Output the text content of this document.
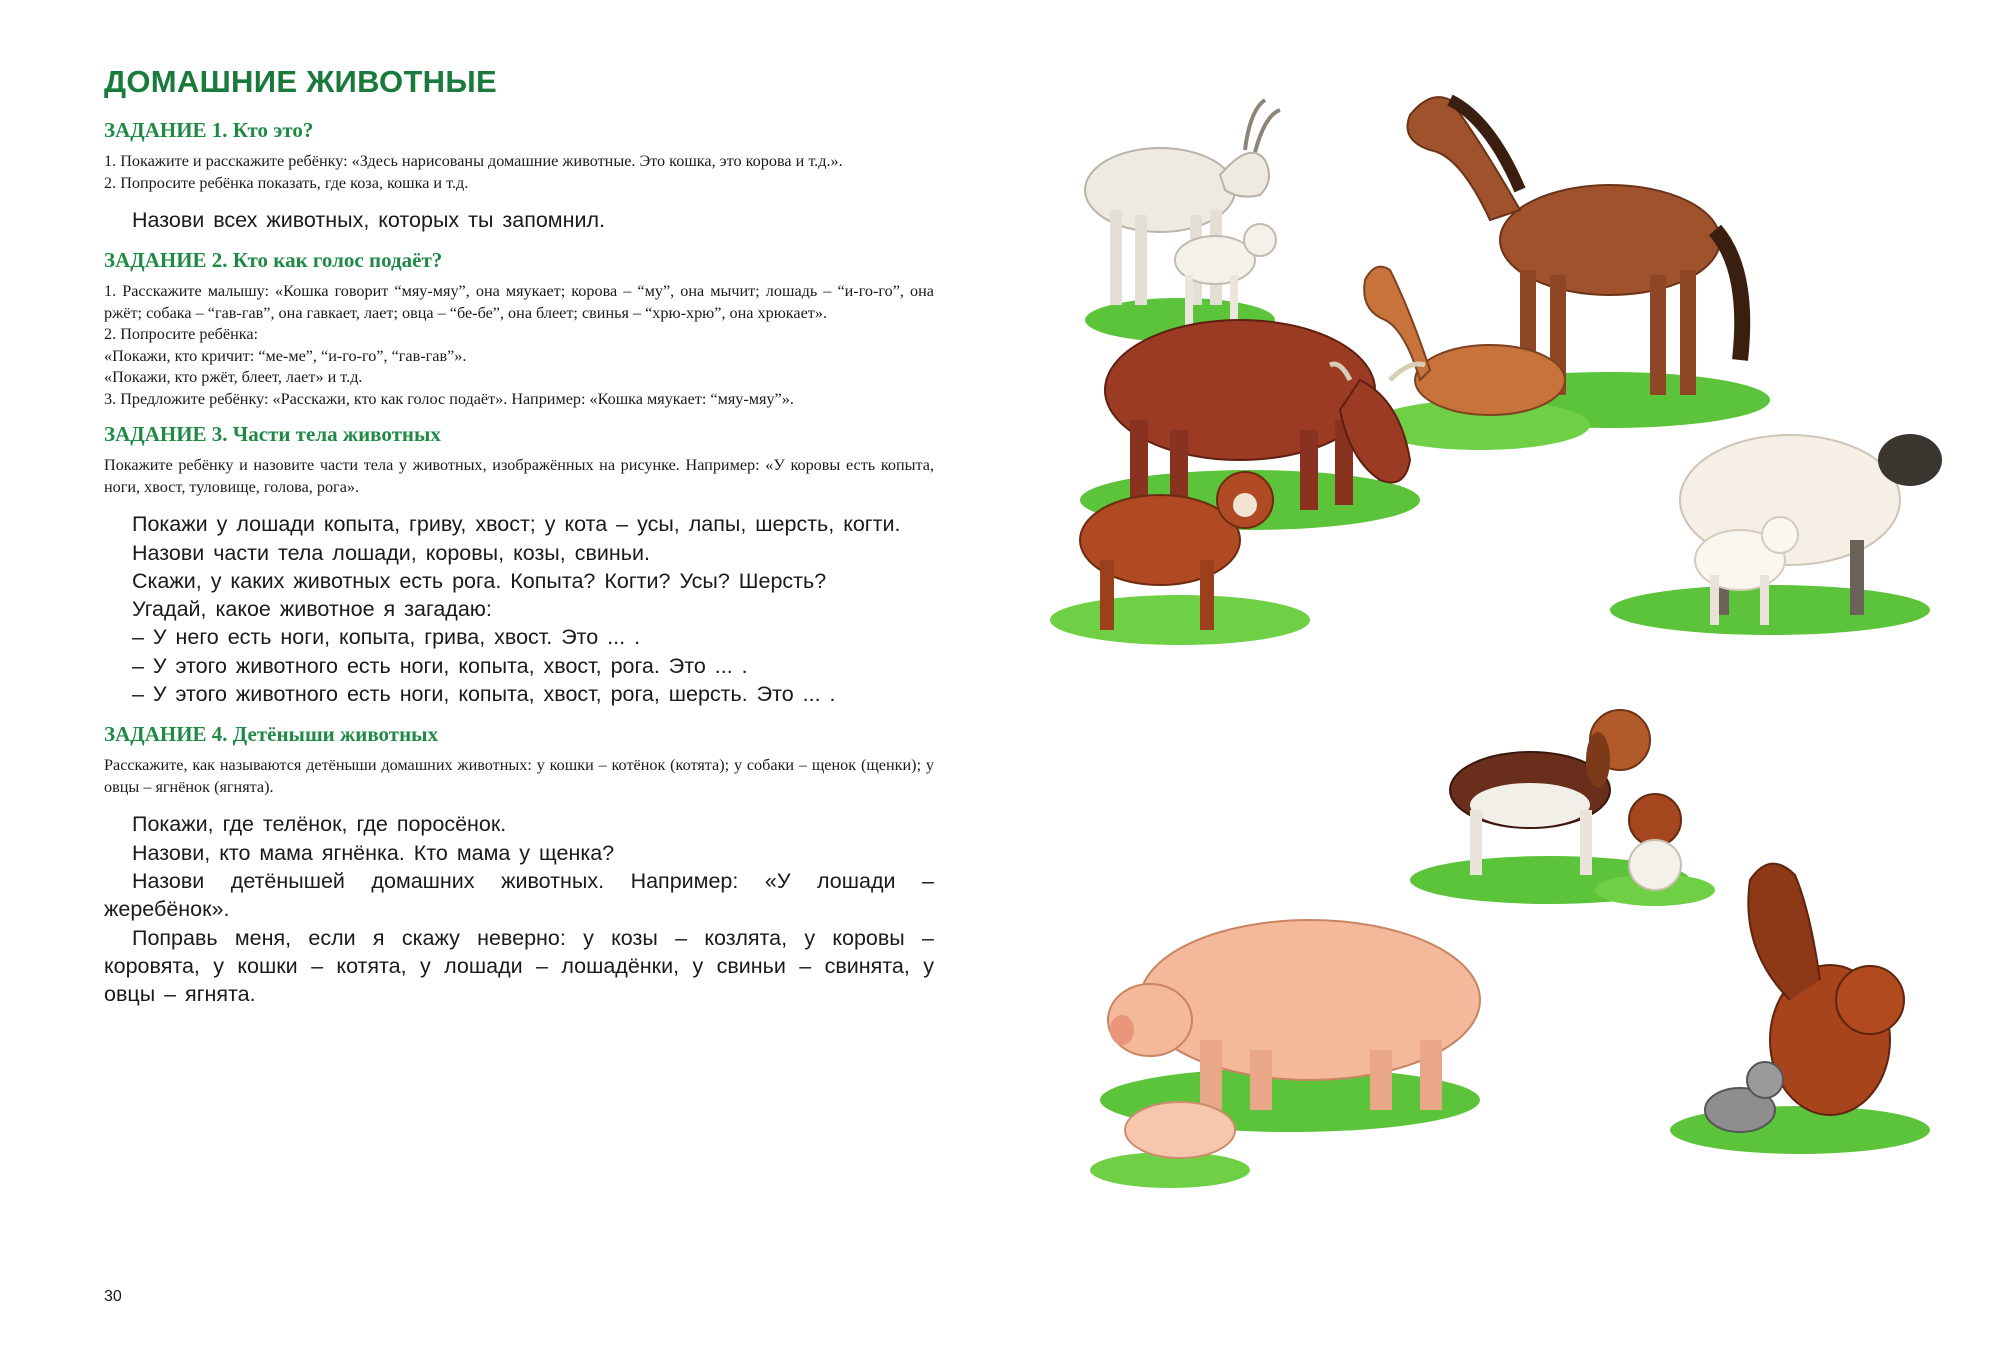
ДОМАШНИЕ ЖИВОТНЫЕ
ЗАДАНИЕ 1. Кто это?

1. Покажите и расскажите ребёнку: «Здесь нарисованы домашние животные. Это кошка, это корова и т.д.».

2. Попросите ребёнка показать, где коза, кошка и т.д.

Назови всех животных, которых ты запомнил.

ЗАДАНИЕ 2. Кто как голос подаёт?

1. Расскажите малышу: «Кошка говорит “мяу-мяу”, она мяукает; корова – “му”, она мычит; лошадь – “и-го-го”, она ржёт; собака – “гав-гав”, она гавкает, лает; овца – “бе-бе”, она блеет; свинья – “хрю-хрю”, она хрюкает».

2. Попросите ребёнка:

«Покажи, кто кричит: “ме-ме”, “и-го-го”, “гав-гав”».

«Покажи, кто ржёт, блеет, лает» и т.д.

3. Предложите ребёнку: «Расскажи, кто как голос подаёт». Например: «Кошка мяукает: “мяу-мяу”».

ЗАДАНИЕ 3. Части тела животных

Покажите ребёнку и назовите части тела у животных, изображённых на рисунке. Например: «У коровы есть копыта, ноги, хвост, туловище, голова, рога».

Покажи у лошади копыта, гриву, хвост; у кота – усы, лапы, шерсть, когти.

Назови части тела лошади, коровы, козы, свиньи.

Скажи, у каких животных есть рога. Копыта? Когти? Усы? Шерсть?

Угадай, какое животное я загадаю:

– У него есть ноги, копыта, грива, хвост. Это ... .

– У этого животного есть ноги, копыта, хвост, рога. Это ... .

– У этого животного есть ноги, копыта, хвост, рога, шерсть. Это ... .

ЗАДАНИЕ 4. Детёныши животных

Расскажите, как называются детёныши домашних животных: у кошки – котёнок (котята); у собаки – щенок (щенки); у овцы – ягнёнок (ягнята).

Покажи, где телёнок, где поросёнок.

Назови, кто мама ягнёнка. Кто мама у щенка?

Назови детёнышей домашних животных. Например: «У лошади – жеребёнок».

Поправь меня, если я скажу неверно: у козы – козлята, у коровы – коровята, у кошки – котята, у лошади – лошадёнки, у свиньи – свинята, у овцы – ягнята.

30
